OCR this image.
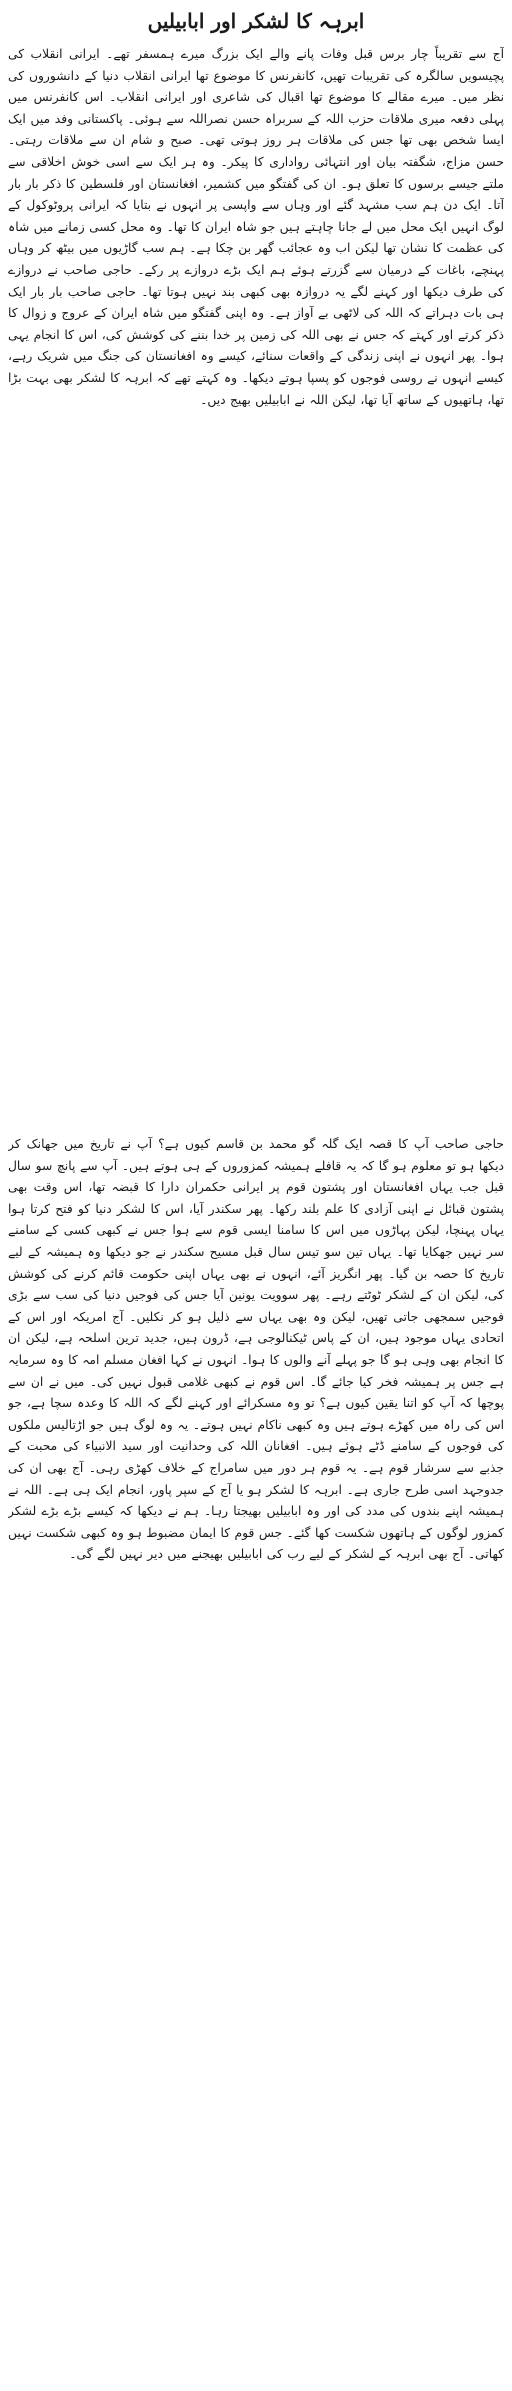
ابرہہ کا لشکر اور ابابیلیں

آج سے تقریباً چار برس قبل وفات پانے والے ایک بزرگ میرے ہمسفر تھے۔ ایرانی انقلاب کی پچیسویں سالگرہ کی تقریبات تھیں، کانفرنس کا موضوع تھا ایرانی انقلاب دنیا کے دانشوروں کی نظر میں۔ میرے مقالے کا موضوع تھا اقبال کی شاعری اور ایرانی انقلاب۔ اس کانفرنس میں پہلی دفعہ میری ملاقات حزب اللہ کے سربراہ حسن نصراللہ سے ہوئی۔ پاکستانی وفد میں ایک ایسا شخص بھی تھا جس کی ملاقات ہر روز ہوتی تھی۔ صبح و شام ان سے ملاقات رہتی۔ حسن مزاج، شگفتہ بیان اور انتہائی رواداری کا پیکر۔ وہ ہر ایک سے اسی خوش اخلاقی سے ملتے جیسے برسوں کا تعلق ہو۔ ان کی گفتگو میں کشمیر، افغانستان اور فلسطین کا ذکر بار بار آتا۔ ایک دن ہم سب مشہد گئے اور وہاں سے واپسی پر انہوں نے بتایا کہ ایرانی پروٹوکول کے لوگ انہیں ایک محل میں لے جانا چاہتے ہیں جو شاہ ایران کا تھا۔ وہ محل کسی زمانے میں شاہ کی عظمت کا نشان تھا لیکن اب وہ عجائب گھر بن چکا ہے۔ ہم سب گاڑیوں میں بیٹھ کر وہاں پہنچے، باغات کے درمیان سے گزرتے ہوئے ہم ایک بڑے دروازے پر رکے۔ حاجی صاحب نے دروازے کی طرف دیکھا اور کہنے لگے یہ دروازہ بھی کبھی بند نہیں ہوتا تھا۔ حاجی صاحب بار بار ایک ہی بات دہراتے کہ اللہ کی لاٹھی بے آواز ہے۔ وہ اپنی گفتگو میں شاہ ایران کے عروج و زوال کا ذکر کرتے اور کہتے کہ جس نے بھی اللہ کی زمین پر خدا بننے کی کوشش کی، اس کا انجام یہی ہوا۔ پھر انہوں نے اپنی زندگی کے واقعات سنائے، کیسے وہ افغانستان کی جنگ میں شریک رہے، کیسے انہوں نے روسی فوجوں کو پسپا ہوتے دیکھا۔ وہ کہتے تھے کہ ابرہہ کا لشکر بھی بہت بڑا تھا، ہاتھیوں کے ساتھ آیا تھا، لیکن اللہ نے ابابیلیں بھیج دیں۔

حاجی صاحب آپ کا قصہ ایک گلہ گو محمد بن قاسم کیوں ہے؟ آپ نے تاریخ میں جھانک کر دیکھا ہو تو معلوم ہو گا کہ یہ قافلے ہمیشہ کمزوروں کے ہی ہوتے ہیں۔ آپ سے پانچ سو سال قبل جب یہاں افغانستان اور پشتون قوم پر ایرانی حکمران دارا کا قبضہ تھا، اس وقت بھی پشتون قبائل نے اپنی آزادی کا علم بلند رکھا۔ پھر سکندر آیا، اس کا لشکر دنیا کو فتح کرتا ہوا یہاں پہنچا، لیکن پہاڑوں میں اس کا سامنا ایسی قوم سے ہوا جس نے کبھی کسی کے سامنے سر نہیں جھکایا تھا۔ یہاں تین سو تیس سال قبل مسیح سکندر نے جو دیکھا وہ ہمیشہ کے لیے تاریخ کا حصہ بن گیا۔ پھر انگریز آئے، انہوں نے بھی یہاں اپنی حکومت قائم کرنے کی کوشش کی، لیکن ان کے لشکر ٹوٹتے رہے۔ پھر سوویت یونین آیا جس کی فوجیں دنیا کی سب سے بڑی فوجیں سمجھی جاتی تھیں، لیکن وہ بھی یہاں سے ذلیل ہو کر نکلیں۔ آج امریکہ اور اس کے اتحادی یہاں موجود ہیں، ان کے پاس ٹیکنالوجی ہے، ڈرون ہیں، جدید ترین اسلحہ ہے، لیکن ان کا انجام بھی وہی ہو گا جو پہلے آنے والوں کا ہوا۔ انہوں نے کہا افغان مسلم امہ کا وہ سرمایہ ہے جس پر ہمیشہ فخر کیا جائے گا۔ اس قوم نے کبھی غلامی قبول نہیں کی۔ میں نے ان سے پوچھا کہ آپ کو اتنا یقین کیوں ہے؟ تو وہ مسکرائے اور کہنے لگے کہ اللہ کا وعدہ سچا ہے، جو اس کی راہ میں کھڑے ہوتے ہیں وہ کبھی ناکام نہیں ہوتے۔ یہ وہ لوگ ہیں جو اڑتالیس ملکوں کی فوجوں کے سامنے ڈٹے ہوئے ہیں۔ افغانان اللہ کی وحدانیت اور سید الانبیاء کی محبت کے جذبے سے سرشار قوم ہے۔ یہ قوم ہر دور میں سامراج کے خلاف کھڑی رہی۔ آج بھی ان کی جدوجہد اسی طرح جاری ہے۔ ابرہہ کا لشکر ہو یا آج کے سپر پاور، انجام ایک ہی ہے۔ اللہ نے ہمیشہ اپنے بندوں کی مدد کی اور وہ ابابیلیں بھیجتا رہا۔ ہم نے دیکھا کہ کیسے بڑے بڑے لشکر کمزور لوگوں کے ہاتھوں شکست کھا گئے۔ جس قوم کا ایمان مضبوط ہو وہ کبھی شکست نہیں کھاتی۔ آج بھی ابرہہ کے لشکر کے لیے رب کی ابابیلیں بھیجنے میں دیر نہیں لگے گی۔
